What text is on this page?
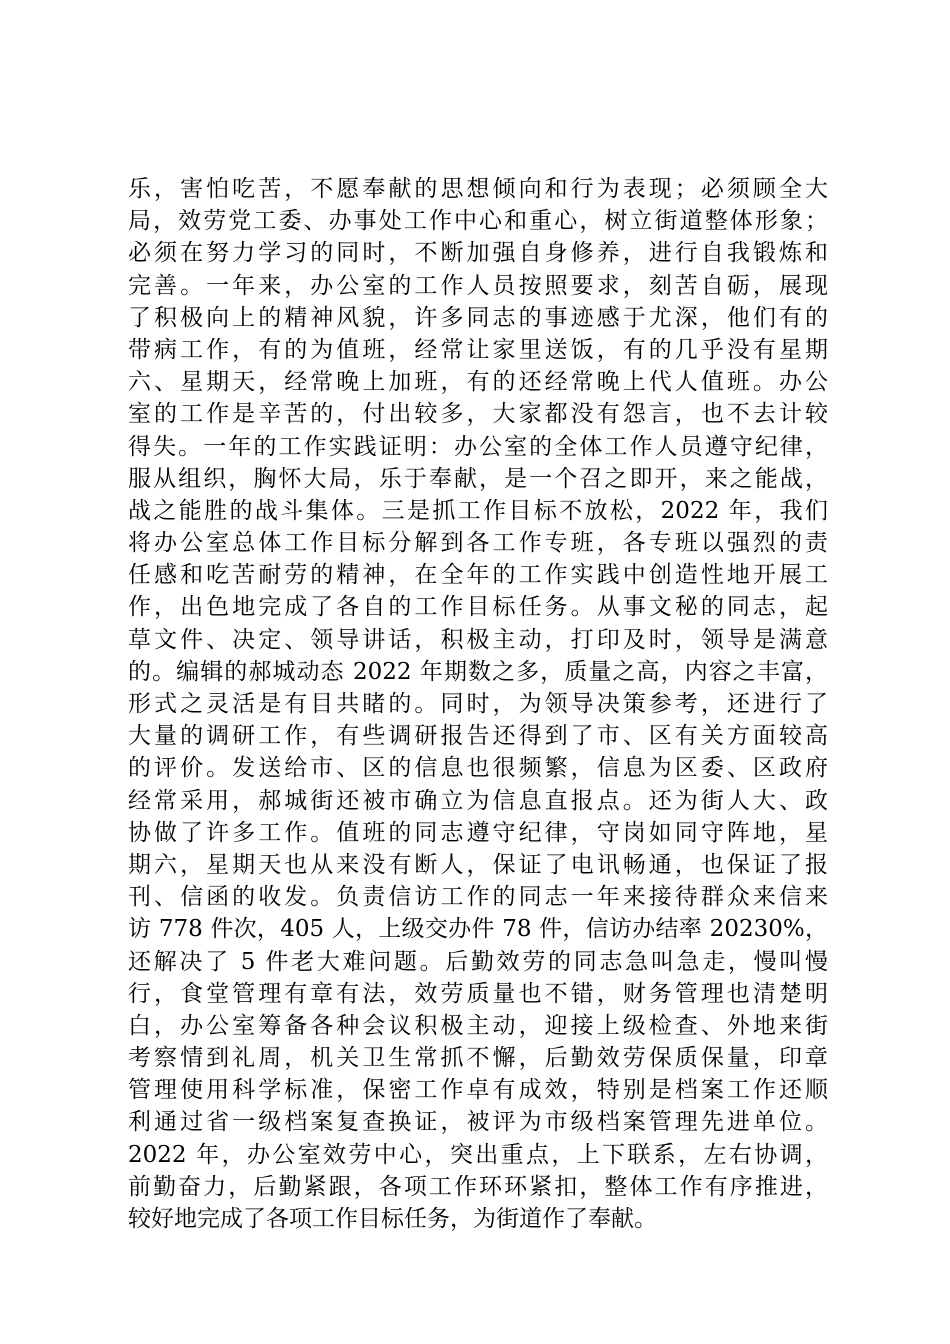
乐，害怕吃苦，不愿奉献的思想倾向和行为表现；必须顾全大
局，效劳党工委、办事处工作中心和重心，树立街道整体形象；
必须在努力学习的同时，不断加强自身修养，进行自我锻炼和
完善。一年来，办公室的工作人员按照要求，刻苦自砺，展现
了积极向上的精神风貌，许多同志的事迹感于尤深，他们有的
带病工作，有的为值班，经常让家里送饭，有的几乎没有星期
六、星期天，经常晚上加班，有的还经常晚上代人值班。办公
室的工作是辛苦的，付出较多，大家都没有怨言，也不去计较
得失。一年的工作实践证明：办公室的全体工作人员遵守纪律，
服从组织，胸怀大局，乐于奉献，是一个召之即开，来之能战，
战之能胜的战斗集体。三是抓工作目标不放松，2022 年，我们
将办公室总体工作目标分解到各工作专班，各专班以强烈的责
任感和吃苦耐劳的精神，在全年的工作实践中创造性地开展工
作，出色地完成了各自的工作目标任务。从事文秘的同志，起
草文件、决定、领导讲话，积极主动，打印及时，领导是满意
的。编辑的郝城动态 2022 年期数之多，质量之高，内容之丰富，
形式之灵活是有目共睹的。同时，为领导决策参考，还进行了
大量的调研工作，有些调研报告还得到了市、区有关方面较高
的评价。发送给市、区的信息也很频繁，信息为区委、区政府
经常采用，郝城街还被市确立为信息直报点。还为街人大、政
协做了许多工作。值班的同志遵守纪律，守岗如同守阵地，星
期六，星期天也从来没有断人，保证了电讯畅通，也保证了报
刊、信函的收发。负责信访工作的同志一年来接待群众来信来
访 778 件次，405 人，上级交办件 78 件，信访办结率 20230%，
还解决了 5 件老大难问题。后勤效劳的同志急叫急走，慢叫慢
行，食堂管理有章有法，效劳质量也不错，财务管理也清楚明
白，办公室筹备各种会议积极主动，迎接上级检查、外地来街
考察情到礼周，机关卫生常抓不懈，后勤效劳保质保量，印章
管理使用科学标准，保密工作卓有成效，特别是档案工作还顺
利通过省一级档案复查换证，被评为市级档案管理先进单位。
2022 年，办公室效劳中心，突出重点，上下联系，左右协调，
前勤奋力，后勤紧跟，各项工作环环紧扣，整体工作有序推进，
较好地完成了各项工作目标任务，为街道作了奉献。
